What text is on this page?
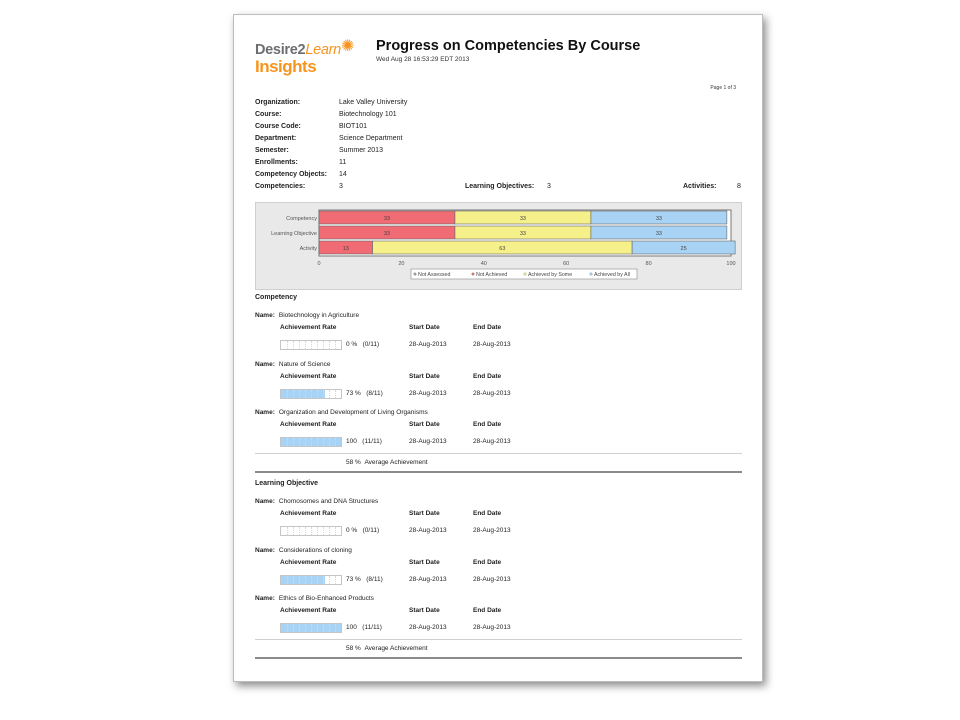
Desire2Learn
Insights
✺ Progress on Competencies By Course
Wed Aug 28 16:53:29 EDT 2013
Page 1 of 3
Organization:	Lake Valley University
Course:	Biotechnology 101
Course Code:	BIOT101
Department:	Science Department
Semester:	Summer 2013
Enrollments:	11
Competency Objects: 14
Competencies:	3	Learning Objectives: 3	Activities:	8
Competency	33	33	33
Learning Objective	33	33	33
Activity	13	63	25
0	20	40	60	80	100
Not Assessed	Not Achieved	Achieved by Some	Achieved by All
Competency
Name: Biotechnology in Agriculture
Achievement Rate	Start Date	End Date
0 % (0/11)	28-Aug-2013	28-Aug-2013
Name: Nature of Science
Achievement Rate	Start Date	End Date
73 % (8/11)	28-Aug-2013	28-Aug-2013
Name: Organization and Development of Living Organisms
Achievement Rate	Start Date	End Date
100 (11/11)	28-Aug-2013	28-Aug-2013
58 % Average Achievement
Learning Objective
Name: Chomosomes and DNA Structures
Achievement Rate	Start Date	End Date
0 % (0/11)	28-Aug-2013	28-Aug-2013
Name: Considerations of cloning
Achievement Rate	Start Date	End Date
73 % (8/11)	28-Aug-2013	28-Aug-2013
Name: Ethics of Bio-Enhanced Products
Achievement Rate	Start Date	End Date
100 (11/11)	28-Aug-2013	28-Aug-2013
58 % Average Achievement
